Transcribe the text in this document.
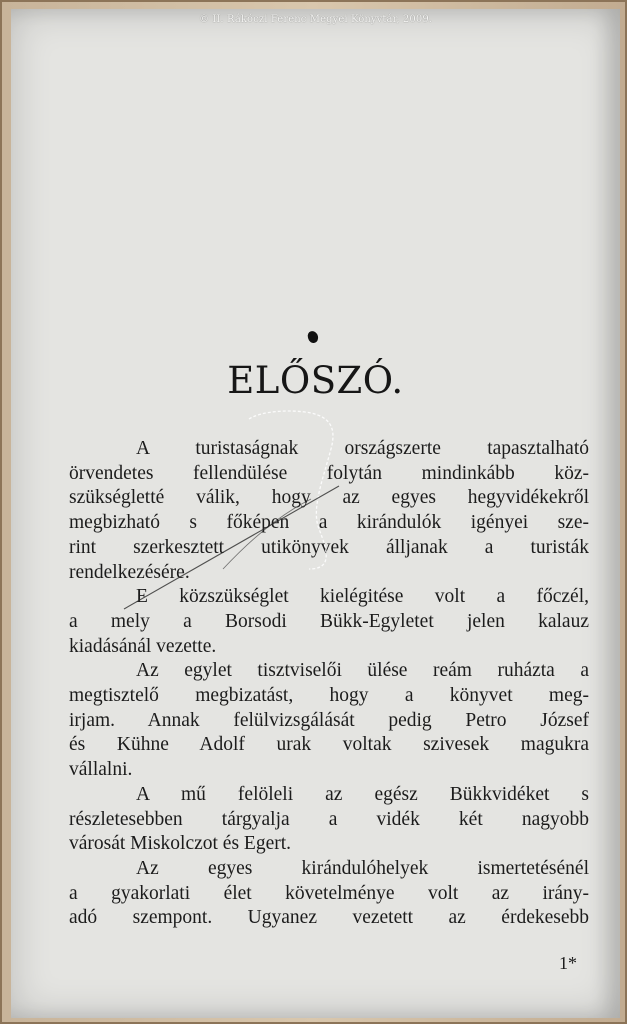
© II. Rákóczi Ferenc Megyei Könyvtár, 2009.
ELŐSZÓ.
A turistaságnak országszerte tapasztalható
örvendetes fellendülése folytán mindinkább köz-
szükségletté válik, hogy az egyes hegyvidékekről
megbizható s főképen a kirándulók igényei sze-
rint szerkesztett utikönyvek álljanak a turisták
rendelkezésére.
E közszükséglet kielégitése volt a főczél,
a mely a Borsodi Bükk-Egyletet jelen kalauz
kiadásánál vezette.
Az egylet tisztviselői ülése reám ruházta a
megtisztelő megbizatást, hogy a könyvet meg-
irjam. Annak felülvizsgálását pedig Petro József
és Kühne Adolf urak voltak szivesek magukra
vállalni.
A mű felöleli az egész Bükkvidéket s
részletesebben tárgyalja a vidék két nagyobb
városát Miskolczot és Egert.
Az egyes kirándulóhelyek ismertetésénél
a gyakorlati élet követelménye volt az irány-
adó szempont. Ugyanez vezetett az érdekesebb
1*
